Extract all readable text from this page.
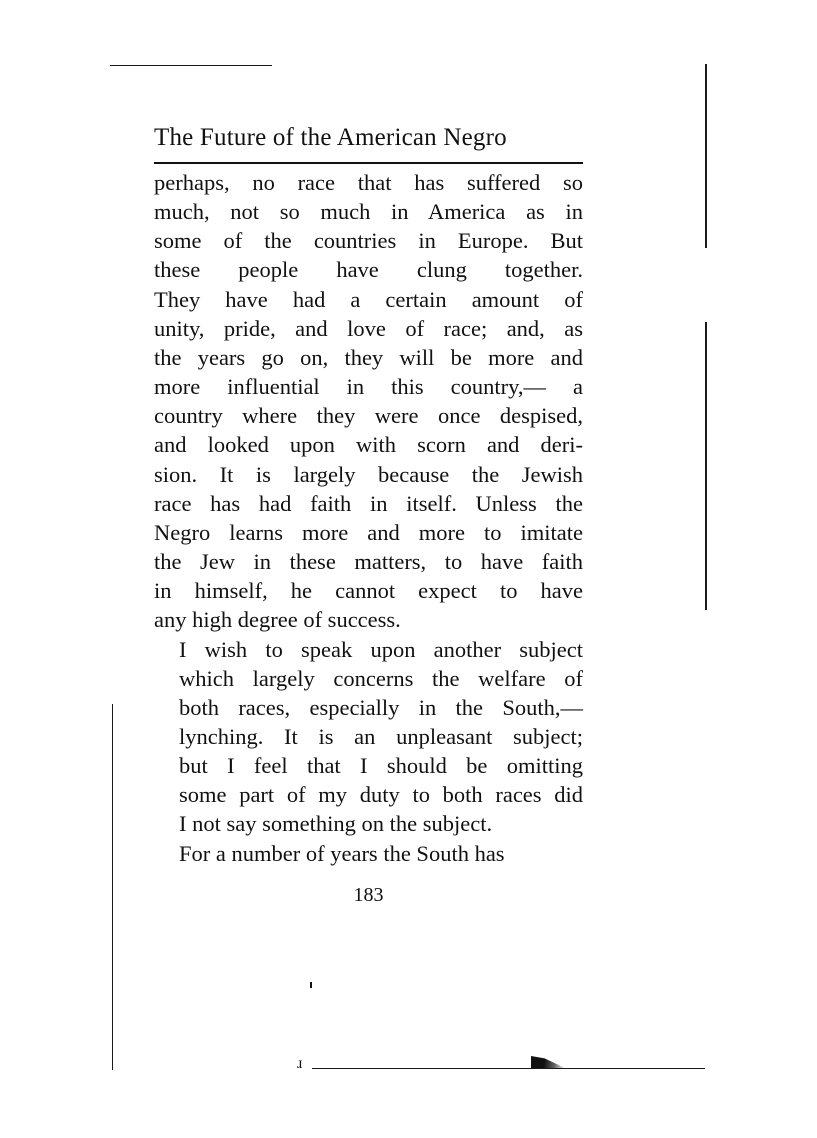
ɹ
The Future of the American Negro
perhaps, no race that has suffered so
much, not so much in America as in
some of the countries in Europe. But
these people have clung together.
They have had a certain amount of
unity, pride, and love of race; and, as
the years go on, they will be more and
more influential in this country,— a
country where they were once despised,
and looked upon with scorn and deri-
sion. It is largely because the Jewish
race has had faith in itself. Unless the
Negro learns more and more to imitate
the Jew in these matters, to have faith
in himself, he cannot expect to have
any high degree of success.
I wish to speak upon another subject
which largely concerns the welfare of
both races, especially in the South,—
lynching. It is an unpleasant subject;
but I feel that I should be omitting
some part of my duty to both races did
I not say something on the subject.
For a number of years the South has
183
